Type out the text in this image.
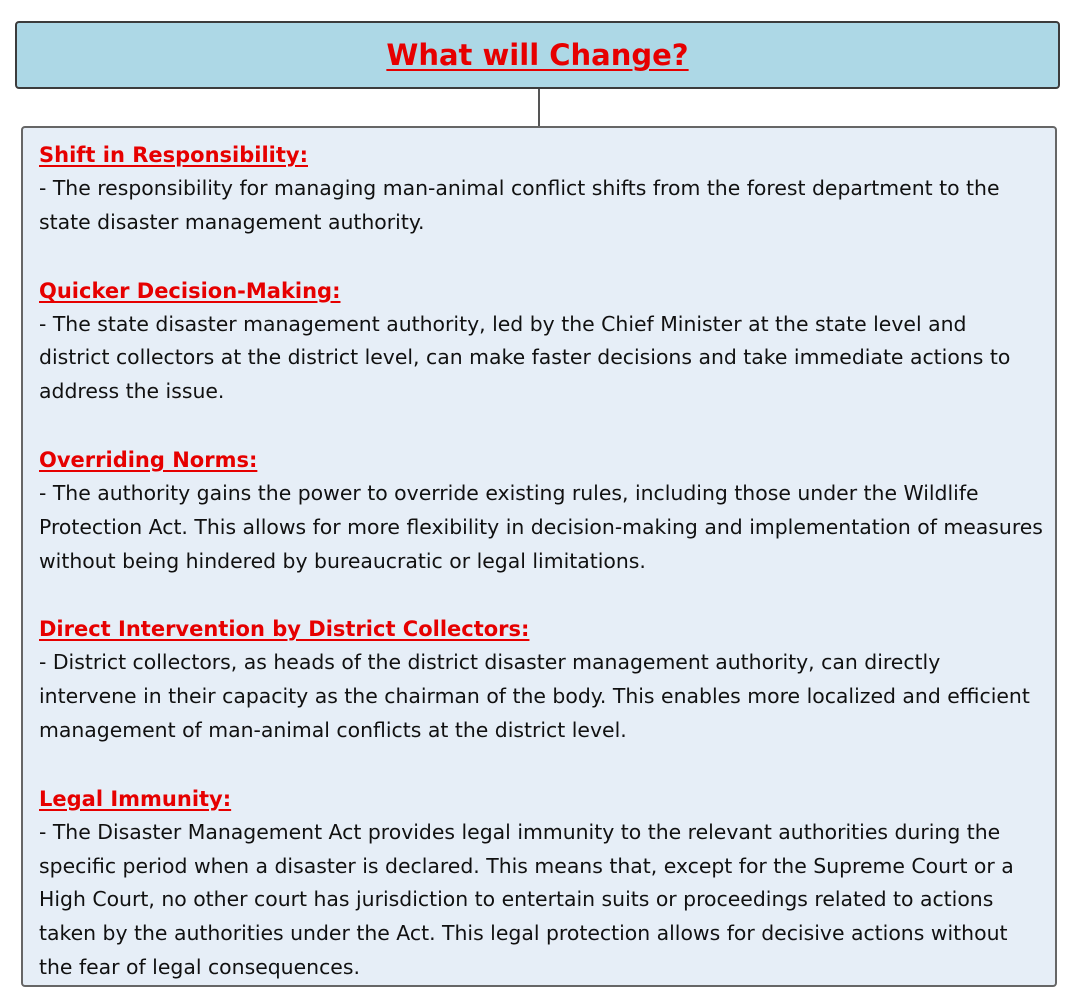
What will Change?
Shift in Responsibility:
- The responsibility for managing man-animal conflict shifts from the forest department to the state disaster management authority.
Quicker Decision-Making:
- The state disaster management authority, led by the Chief Minister at the state level and district collectors at the district level, can make faster decisions and take immediate actions to address the issue.
Overriding Norms:
- The authority gains the power to override existing rules, including those under the Wildlife Protection Act. This allows for more flexibility in decision-making and implementation of measures without being hindered by bureaucratic or legal limitations.
Direct Intervention by District Collectors:
- District collectors, as heads of the district disaster management authority, can directly intervene in their capacity as the chairman of the body. This enables more localized and efficient management of man-animal conflicts at the district level.
Legal Immunity:
- The Disaster Management Act provides legal immunity to the relevant authorities during the specific period when a disaster is declared. This means that, except for the Supreme Court or a High Court, no other court has jurisdiction to entertain suits or proceedings related to actions taken by the authorities under the Act. This legal protection allows for decisive actions without the fear of legal consequences.
